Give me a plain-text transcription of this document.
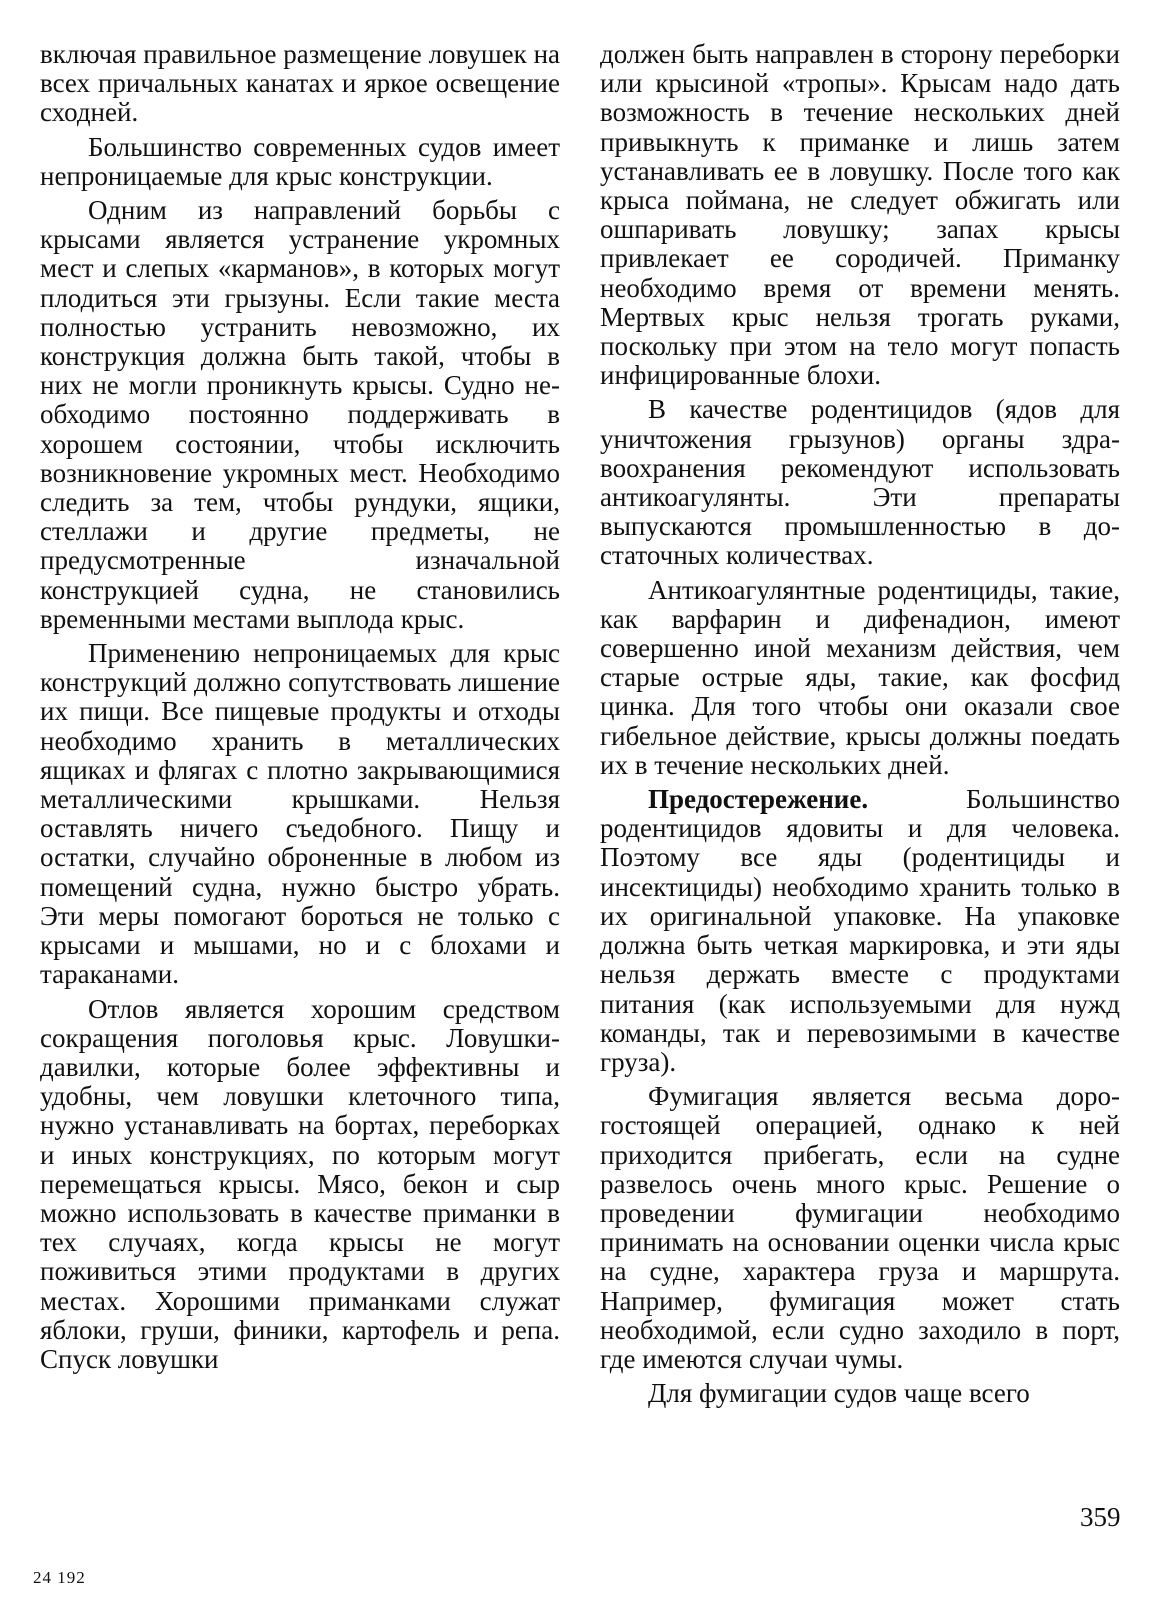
включая правильное размещение ловушек на всех причальных канатах и яркое освещение сходней.

Большинство современных судов имеет непроницаемые для крыс конструкции.

Одним из направлений борьбы с крысами является устранение укромных мест и слепых «карманов», в которых могут плодиться эти грызуны. Если такие места полностью устранить невозможно, их конструкция должна быть такой, чтобы в них не могли проникнуть крысы. Судно необходимо постоянно поддерживать в хорошем состоянии, чтобы исключить возникновение укромных мест. Необходимо следить за тем, чтобы рундуки, ящики, стеллажи и другие предметы, не предусмотренные изначальной конструкцией судна, не становились временными местами выплода крыс.

Применению непроницаемых для крыс конструкций должно сопутствовать лишение их пищи. Все пищевые продукты и отходы необходимо хранить в металлических ящиках и флягах с плотно закрывающимися металлическими крышками. Нельзя оставлять ничего съедобного. Пищу и остатки, случайно оброненные в любом из помещений судна, нужно быстро убрать. Эти меры помогают бороться не только с крысами и мышами, но и с блохами и тараканами.

Отлов является хорошим средством сокращения поголовья крыс. Ловушки-давилки, которые более эффективны и удобны, чем ловушки клеточного типа, нужно устанавливать на бортах, переборках и иных конструкциях, по которым могут перемещаться крысы. Мясо, бекон и сыр можно использовать в качестве приманки в тех случаях, когда крысы не могут поживиться этими продуктами в других местах. Хорошими приманками служат яблоки, груши, финики, картофель и репа. Спуск ловушки

должен быть направлен в сторону переборки или крысиной «тропы». Крысам надо дать возможность в течение нескольких дней привыкнуть к приманке и лишь затем устанавливать ее в ловушку. После того как крыса поймана, не следует обжигать или ошпаривать ловушку; запах крысы привлекает ее сородичей. Приманку необходимо время от времени менять. Мертвых крыс нельзя трогать руками, поскольку при этом на тело могут попасть инфицированные блохи.

В качестве родентицидов (ядов для уничтожения грызунов) органы здравоохранения рекомендуют использовать антикоагулянты. Эти препараты выпускаются промышленностью в достаточных количествах.

Антикоагулянтные родентициды, такие, как варфарин и дифенадион, имеют совершенно иной механизм действия, чем старые острые яды, такие, как фосфид цинка. Для того чтобы они оказали свое гибельное действие, крысы должны поедать их в течение нескольких дней.

Предостережение. Большинство родентицидов ядовиты и для человека. Поэтому все яды (родентициды и инсектициды) необходимо хранить только в их оригинальной упаковке. На упаковке должна быть четкая маркировка, и эти яды нельзя держать вместе с продуктами питания (как используемыми для нужд команды, так и перевозимыми в качестве груза).

Фумигация является весьма дорогостоящей операцией, однако к ней приходится прибегать, если на судне развелось очень много крыс. Решение о проведении фумигации необходимо принимать на основании оценки числа крыс на судне, характера груза и маршрута. Например, фумигация может стать необходимой, если судно заходило в порт, где имеются случаи чумы.

Для фумигации судов чаще всего

359
24 192
